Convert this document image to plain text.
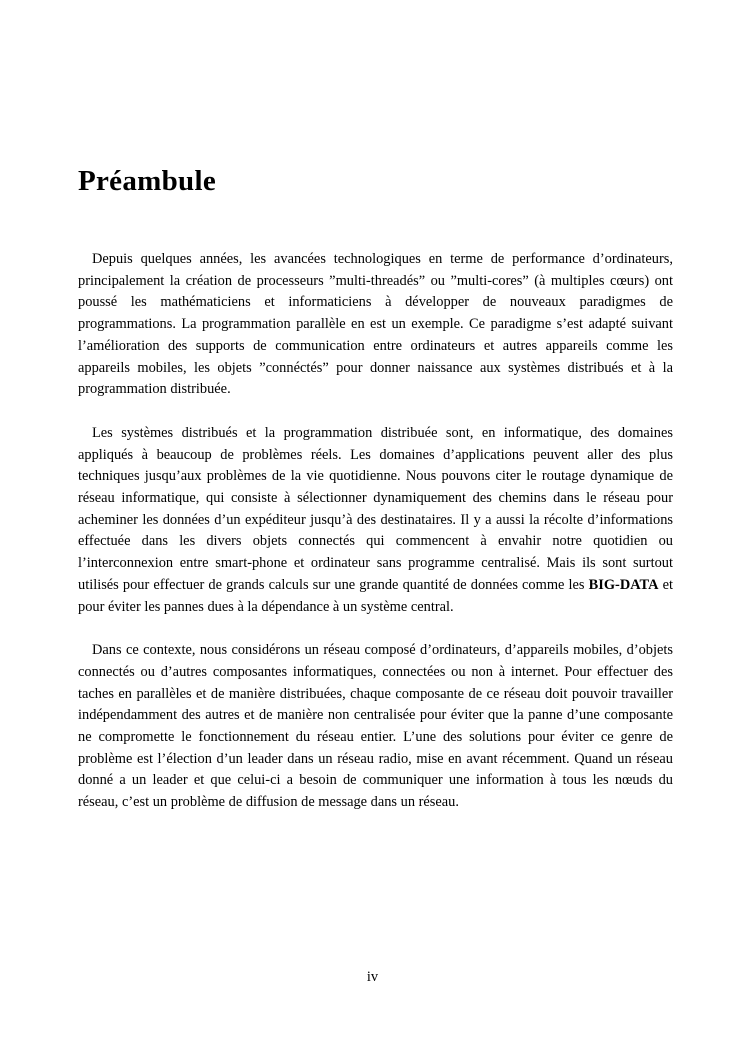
Préambule

Depuis quelques années, les avancées technologiques en terme de performance d’ordinateurs, principalement la création de processeurs ”multi-threadés” ou ”multi-cores” (à multiples cœurs) ont poussé les mathématiciens et informaticiens à développer de nouveaux paradigmes de programmations. La programmation parallèle en est un exemple. Ce paradigme s’est adapté suivant l’amélioration des supports de communication entre ordinateurs et autres appareils comme les appareils mobiles, les objets ”connéctés” pour donner naissance aux systèmes distribués et à la programmation distribuée.

Les systèmes distribués et la programmation distribuée sont, en informatique, des domaines appliqués à beaucoup de problèmes réels. Les domaines d’applications peuvent aller des plus techniques jusqu’aux problèmes de la vie quotidienne. Nous pouvons citer le routage dynamique de réseau informatique, qui consiste à sélectionner dynamiquement des chemins dans le réseau pour acheminer les données d’un expéditeur jusqu’à des destinataires. Il y a aussi la récolte d’informations effectuée dans les divers objets connectés qui commencent à envahir notre quotidien ou l’interconnexion entre smart-phone et ordinateur sans programme centralisé. Mais ils sont surtout utilisés pour effectuer de grands calculs sur une grande quantité de données comme les BIG-DATA et pour éviter les pannes dues à la dépendance à un système central.

Dans ce contexte, nous considérons un réseau composé d’ordinateurs, d’appareils mobiles, d’objets connectés ou d’autres composantes informatiques, connectées ou non à internet. Pour effectuer des taches en parallèles et de manière distribuées, chaque composante de ce réseau doit pouvoir travailler indépendamment des autres et de manière non centralisée pour éviter que la panne d’une composante ne compromette le fonctionnement du réseau entier. L’une des solutions pour éviter ce genre de problème est l’élection d’un leader dans un réseau radio, mise en avant récemment. Quand un réseau donné a un leader et que celui-ci a besoin de communiquer une information à tous les nœuds du réseau, c’est un problème de diffusion de message dans un réseau.

iv
